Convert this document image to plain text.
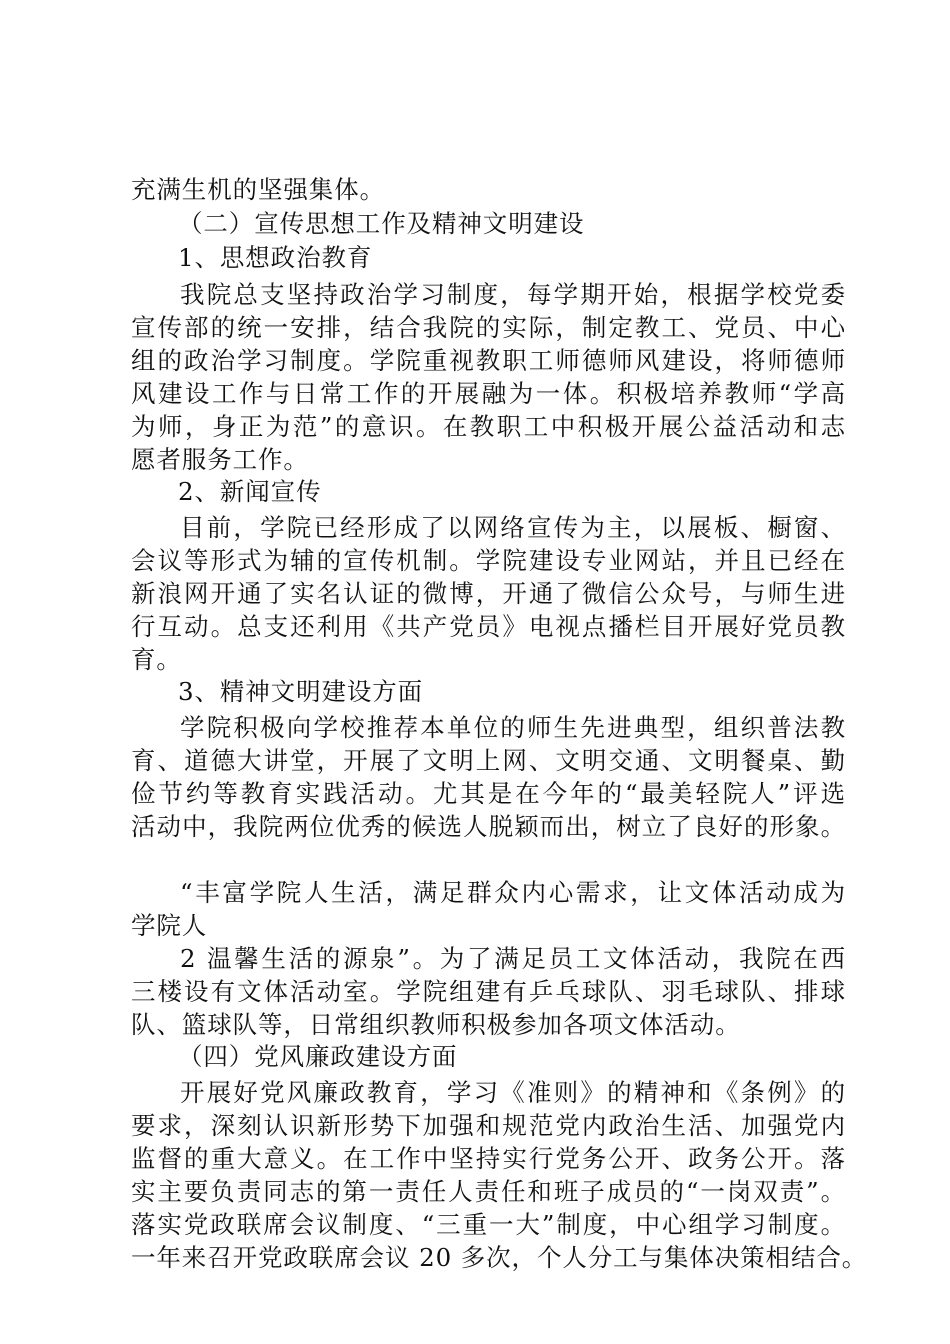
充满生机的坚强集体。
（二）宣传思想工作及精神文明建设
1、思想政治教育
我院总支坚持政治学习制度，每学期开始，根据学校党委
宣传部的统一安排，结合我院的实际，制定教工、党员、中心
组的政治学习制度。学院重视教职工师德师风建设，将师德师
风建设工作与日常工作的开展融为一体。积极培养教师“学高
为师，身正为范”的意识。在教职工中积极开展公益活动和志
愿者服务工作。
2、新闻宣传
目前，学院已经形成了以网络宣传为主，以展板、橱窗、
会议等形式为辅的宣传机制。学院建设专业网站，并且已经在
新浪网开通了实名认证的微博，开通了微信公众号，与师生进
行互动。总支还利用《共产党员》电视点播栏目开展好党员教
育。
3、精神文明建设方面
学院积极向学校推荐本单位的师生先进典型，组织普法教
育、道德大讲堂，开展了文明上网、文明交通、文明餐桌、勤
俭节约等教育实践活动。尤其是在今年的“最美轻院人”评选
活动中，我院两位优秀的候选人脱颖而出，树立了良好的形象。
“丰富学院人生活，满足群众内心需求，让文体活动成为
学院人
2 温馨生活的源泉”。为了满足员工文体活动，我院在西
三楼设有文体活动室。学院组建有乒乓球队、羽毛球队、排球
队、篮球队等，日常组织教师积极参加各项文体活动。
（四）党风廉政建设方面
开展好党风廉政教育，学习《准则》的精神和《条例》的
要求，深刻认识新形势下加强和规范党内政治生活、加强党内
监督的重大意义。在工作中坚持实行党务公开、政务公开。落
实主要负责同志的第一责任人责任和班子成员的“一岗双责”。
落实党政联席会议制度、“三重一大”制度，中心组学习制度。
一年来召开党政联席会议 20 多次，个人分工与集体决策相结合。
